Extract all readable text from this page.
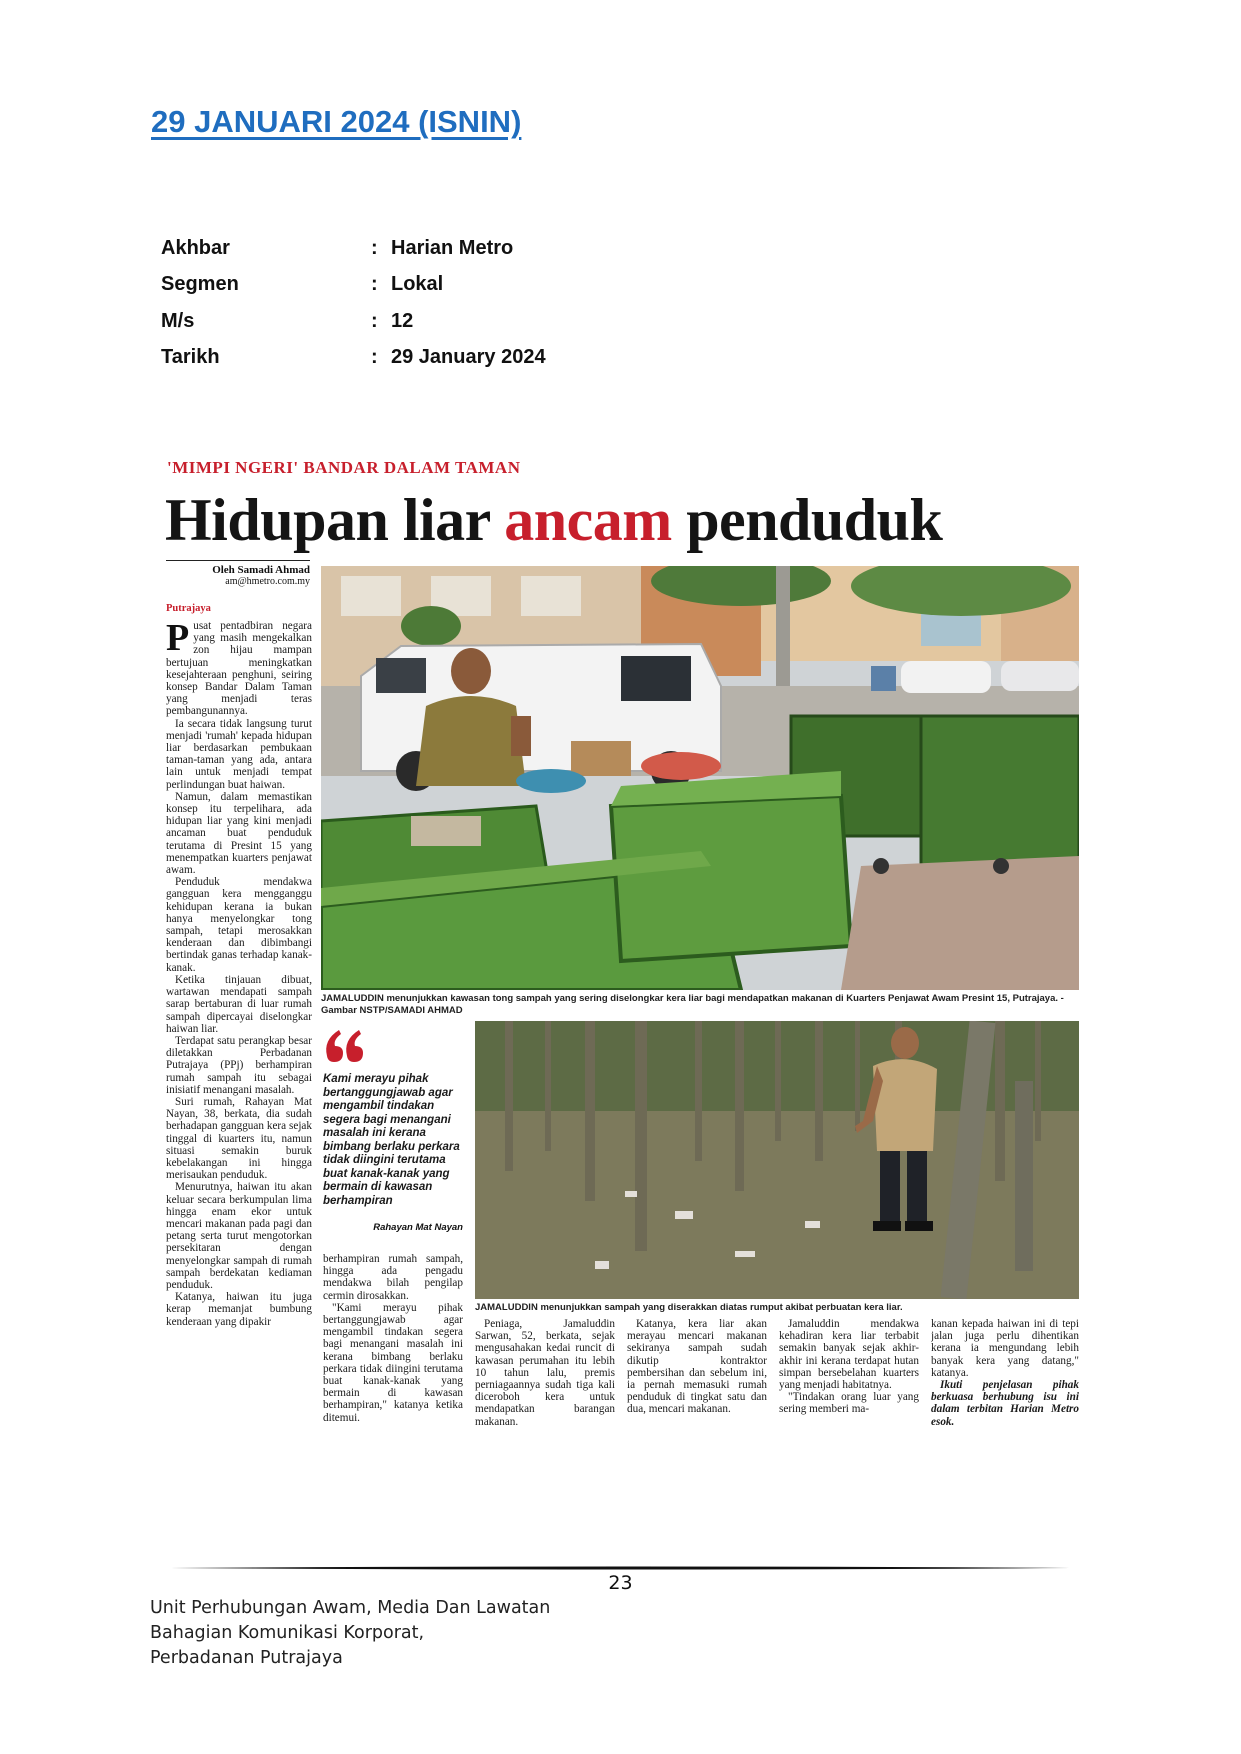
29 JANUARI 2024 (ISNIN)
Akhbar	: Harian Metro
Segmen	: Lokal
M/s	: 12
Tarikh	: 29 January 2024
'MIMPI NGERI' BANDAR DALAM TAMAN
Hidupan liar ancam penduduk
Oleh Samadi Ahmad
am@hmetro.com.my
Putrajaya

Pusat pentadbiran negara yang masih mengekalkan zon hijau mampan bertujuan meningkatkan kesejahteraan penghuni, seiring konsep Bandar Dalam Taman yang menjadi teras pembangunannya.

Ia secara tidak langsung turut menjadi 'rumah' kepada hidupan liar berdasarkan pembukaan taman-taman yang ada, antara lain untuk menjadi tempat perlindungan buat haiwan.

Namun, dalam memastikan konsep itu terpelihara, ada hidupan liar yang kini menjadi ancaman buat penduduk terutama di Presint 15 yang menempatkan kuarters penjawat awam.

Penduduk mendakwa gangguan kera mengganggu kehidupan kerana ia bukan hanya menyelongkar tong sampah, tetapi merosakkan kenderaan dan dibimbangi bertindak ganas terhadap kanak-kanak.

Ketika tinjauan dibuat, wartawan mendapati sampah sarap bertaburan di luar rumah sampah dipercayai diselongkar haiwan liar.

Terdapat satu perangkap besar diletakkan Perbadanan Putrajaya (PPj) berhampiran rumah sampah itu sebagai inisiatif menangani masalah.

Suri rumah, Rahayan Mat Nayan, 38, berkata, dia sudah berhadapan gangguan kera sejak tinggal di kuarters itu, namun situasi semakin buruk kebelakangan ini hingga merisaukan penduduk.

Menurutnya, haiwan itu akan keluar secara berkumpulan lima hingga enam ekor untuk mencari makanan pada pagi dan petang serta turut mengotorkan persekitaran dengan menyelongkar sampah di rumah sampah berdekatan kediaman penduduk.

Katanya, haiwan itu juga kerap memanjat bumbung kenderaan yang dipakir

JAMALUDDIN menunjukkan kawasan tong sampah yang sering diselongkar kera liar bagi mendapatkan makanan di Kuarters Penjawat Awam Presint 15, Putrajaya. - Gambar NSTP/SAMADI AHMAD
Kami merayu pihak bertanggungjawab agar mengambil tindakan segera bagi menangani masalah ini kerana bimbang berlaku perkara tidak diingini terutama buat kanak-kanak yang bermain di kawasan berhampiran
Rahayan Mat Nayan
JAMALUDDIN menunjukkan sampah yang diserakkan diatas rumput akibat perbuatan kera liar.

berhampiran rumah sampah, hingga ada pengadu mendakwa bilah pengilap cermin dirosakkan.

"Kami merayu pihak bertanggungjawab agar mengambil tindakan segera bagi menangani masalah ini kerana bimbang berlaku perkara tidak diingini terutama buat kanak-kanak yang bermain di kawasan berhampiran," katanya ketika ditemui.

Peniaga, Jamaluddin Sarwan, 52, berkata, sejak mengusahakan kedai runcit di kawasan perumahan itu lebih 10 tahun lalu, premis perniagaannya sudah tiga kali diceroboh kera untuk mendapatkan barangan makanan.

Katanya, kera liar akan merayau mencari makanan sekiranya sampah sudah dikutip kontraktor pembersihan dan sebelum ini, ia pernah memasuki rumah penduduk di tingkat satu dan dua, mencari makanan.

Jamaluddin mendakwa kehadiran kera liar terbabit semakin banyak sejak akhir-akhir ini kerana terdapat hutan simpan bersebelahan kuarters yang menjadi habitatnya.

"Tindakan orang luar yang sering memberi ma-

kanan kepada haiwan ini di tepi jalan juga perlu dihentikan kerana ia mengundang lebih banyak kera yang datang," katanya.

Ikuti penjelasan pihak berkuasa berhubung isu ini dalam terbitan Harian Metro esok.

23
Unit Perhubungan Awam, Media Dan Lawatan
Bahagian Komunikasi Korporat,
Perbadanan Putrajaya
